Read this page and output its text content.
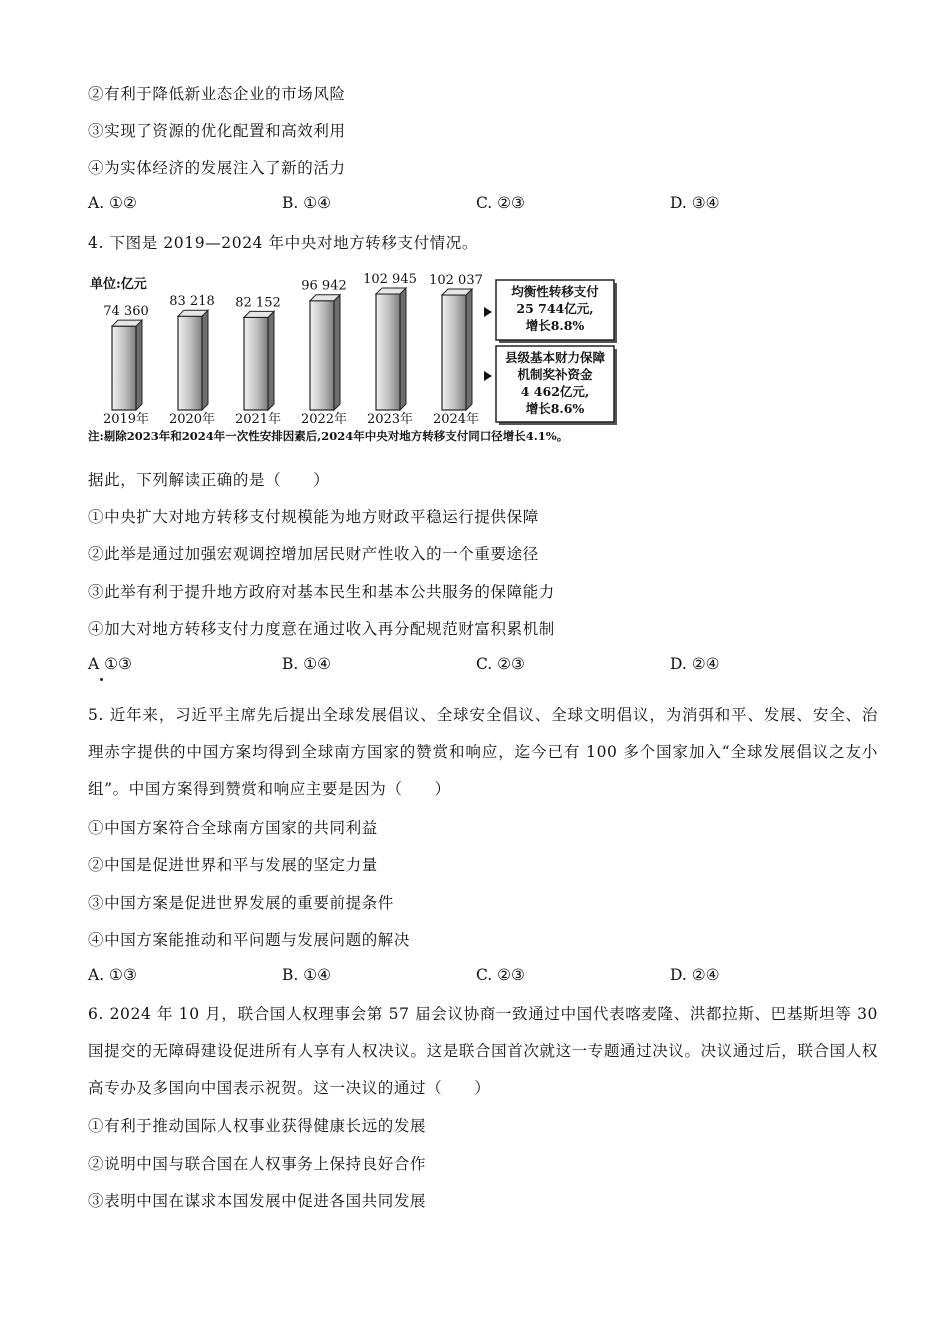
②有利于降低新业态企业的市场风险
③实现了资源的优化配置和高效利用
④为实体经济的发展注入了新的活力
A. ①②	B. ①④	C. ②③	D. ③④
4. 下图是 2019—2024 年中央对地方转移支付情况。
单位:亿元
74 360
2019年
83 218
2020年
82 152
2021年
96 942
2022年
102 945
2023年
102 037
2024年
均衡性转移支付
25 744亿元,
增长8.8%
县级基本财力保障
机制奖补资金
4 462亿元,
增长8.6%
注:剔除2023年和2024年一次性安排因素后,2024年中央对地方转移支付同口径增长4.1%。
据此，下列解读正确的是（　　）
①中央扩大对地方转移支付规模能为地方财政平稳运行提供保障
②此举是通过加强宏观调控增加居民财产性收入的一个重要途径
③此举有利于提升地方政府对基本民生和基本公共服务的保障能力
④加大对地方转移支付力度意在通过收入再分配规范财富积累机制
A ①③	B. ①④	C. ②③	D. ②④
5. 近年来，习近平主席先后提出全球发展倡议、全球安全倡议、全球文明倡议，为消弭和平、发展、安全、治理赤字提供的中国方案均得到全球南方国家的赞赏和响应，迄今已有 100 多个国家加入“全球发展倡议之友小组”。中国方案得到赞赏和响应主要是因为（　　）
①中国方案符合全球南方国家的共同利益
②中国是促进世界和平与发展的坚定力量
③中国方案是促进世界发展的重要前提条件
④中国方案能推动和平问题与发展问题的解决
A. ①③	B. ①④	C. ②③	D. ②④
6. 2024 年 10 月，联合国人权理事会第 57 届会议协商一致通过中国代表喀麦隆、洪都拉斯、巴基斯坦等 30 国提交的无障碍建设促进所有人享有人权决议。这是联合国首次就这一专题通过决议。决议通过后，联合国人权高专办及多国向中国表示祝贺。这一决议的通过（　　）
①有利于推动国际人权事业获得健康长远的发展
②说明中国与联合国在人权事务上保持良好合作
③表明中国在谋求本国发展中促进各国共同发展
